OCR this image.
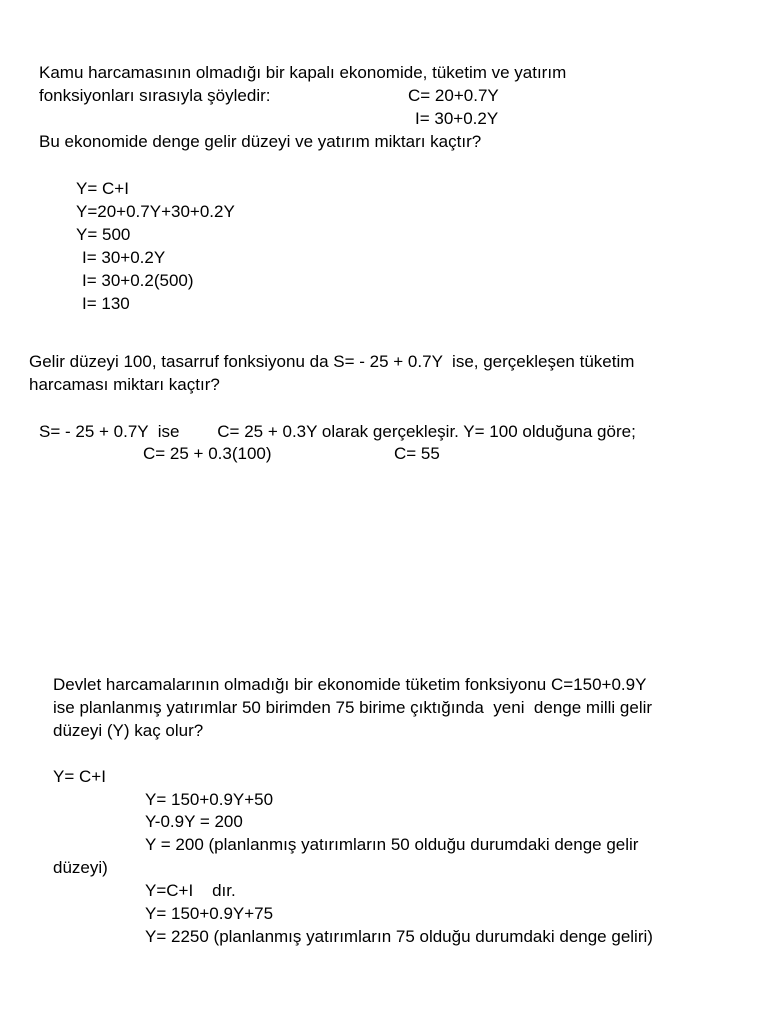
Kamu harcamasının olmadığı bir kapalı ekonomide, tüketim ve yatırım

fonksiyonları sırasıyla şöyledir:	C= 20+0.7Y

I= 30+0.2Y

Bu ekonomide denge gelir düzeyi ve yatırım miktarı kaçtır?

Y= C+I

Y=20+0.7Y+30+0.2Y

Y= 500

I= 30+0.2Y

I= 30+0.2(500)

I= 130

Gelir düzeyi 100, tasarruf fonksiyonu da S= - 25 + 0.7Y  ise, gerçekleşen tüketim

harcaması miktarı kaçtır?

S= - 25 + 0.7Y  ise        C= 25 + 0.3Y olarak gerçekleşir. Y= 100 olduğuna göre;

C= 25 + 0.3(100)	C= 55

Devlet harcamalarının olmadığı bir ekonomide tüketim fonksiyonu C=150+0.9Y

ise planlanmış yatırımlar 50 birimden 75 birime çıktığında  yeni  denge milli gelir

düzeyi (Y) kaç olur?

Y= C+I

Y= 150+0.9Y+50

Y-0.9Y = 200

Y = 200 (planlanmış yatırımların 50 olduğu durumdaki denge gelir

düzeyi)

Y=C+I    dır.

Y= 150+0.9Y+75

Y= 2250 (planlanmış yatırımların 75 olduğu durumdaki denge geliri)
